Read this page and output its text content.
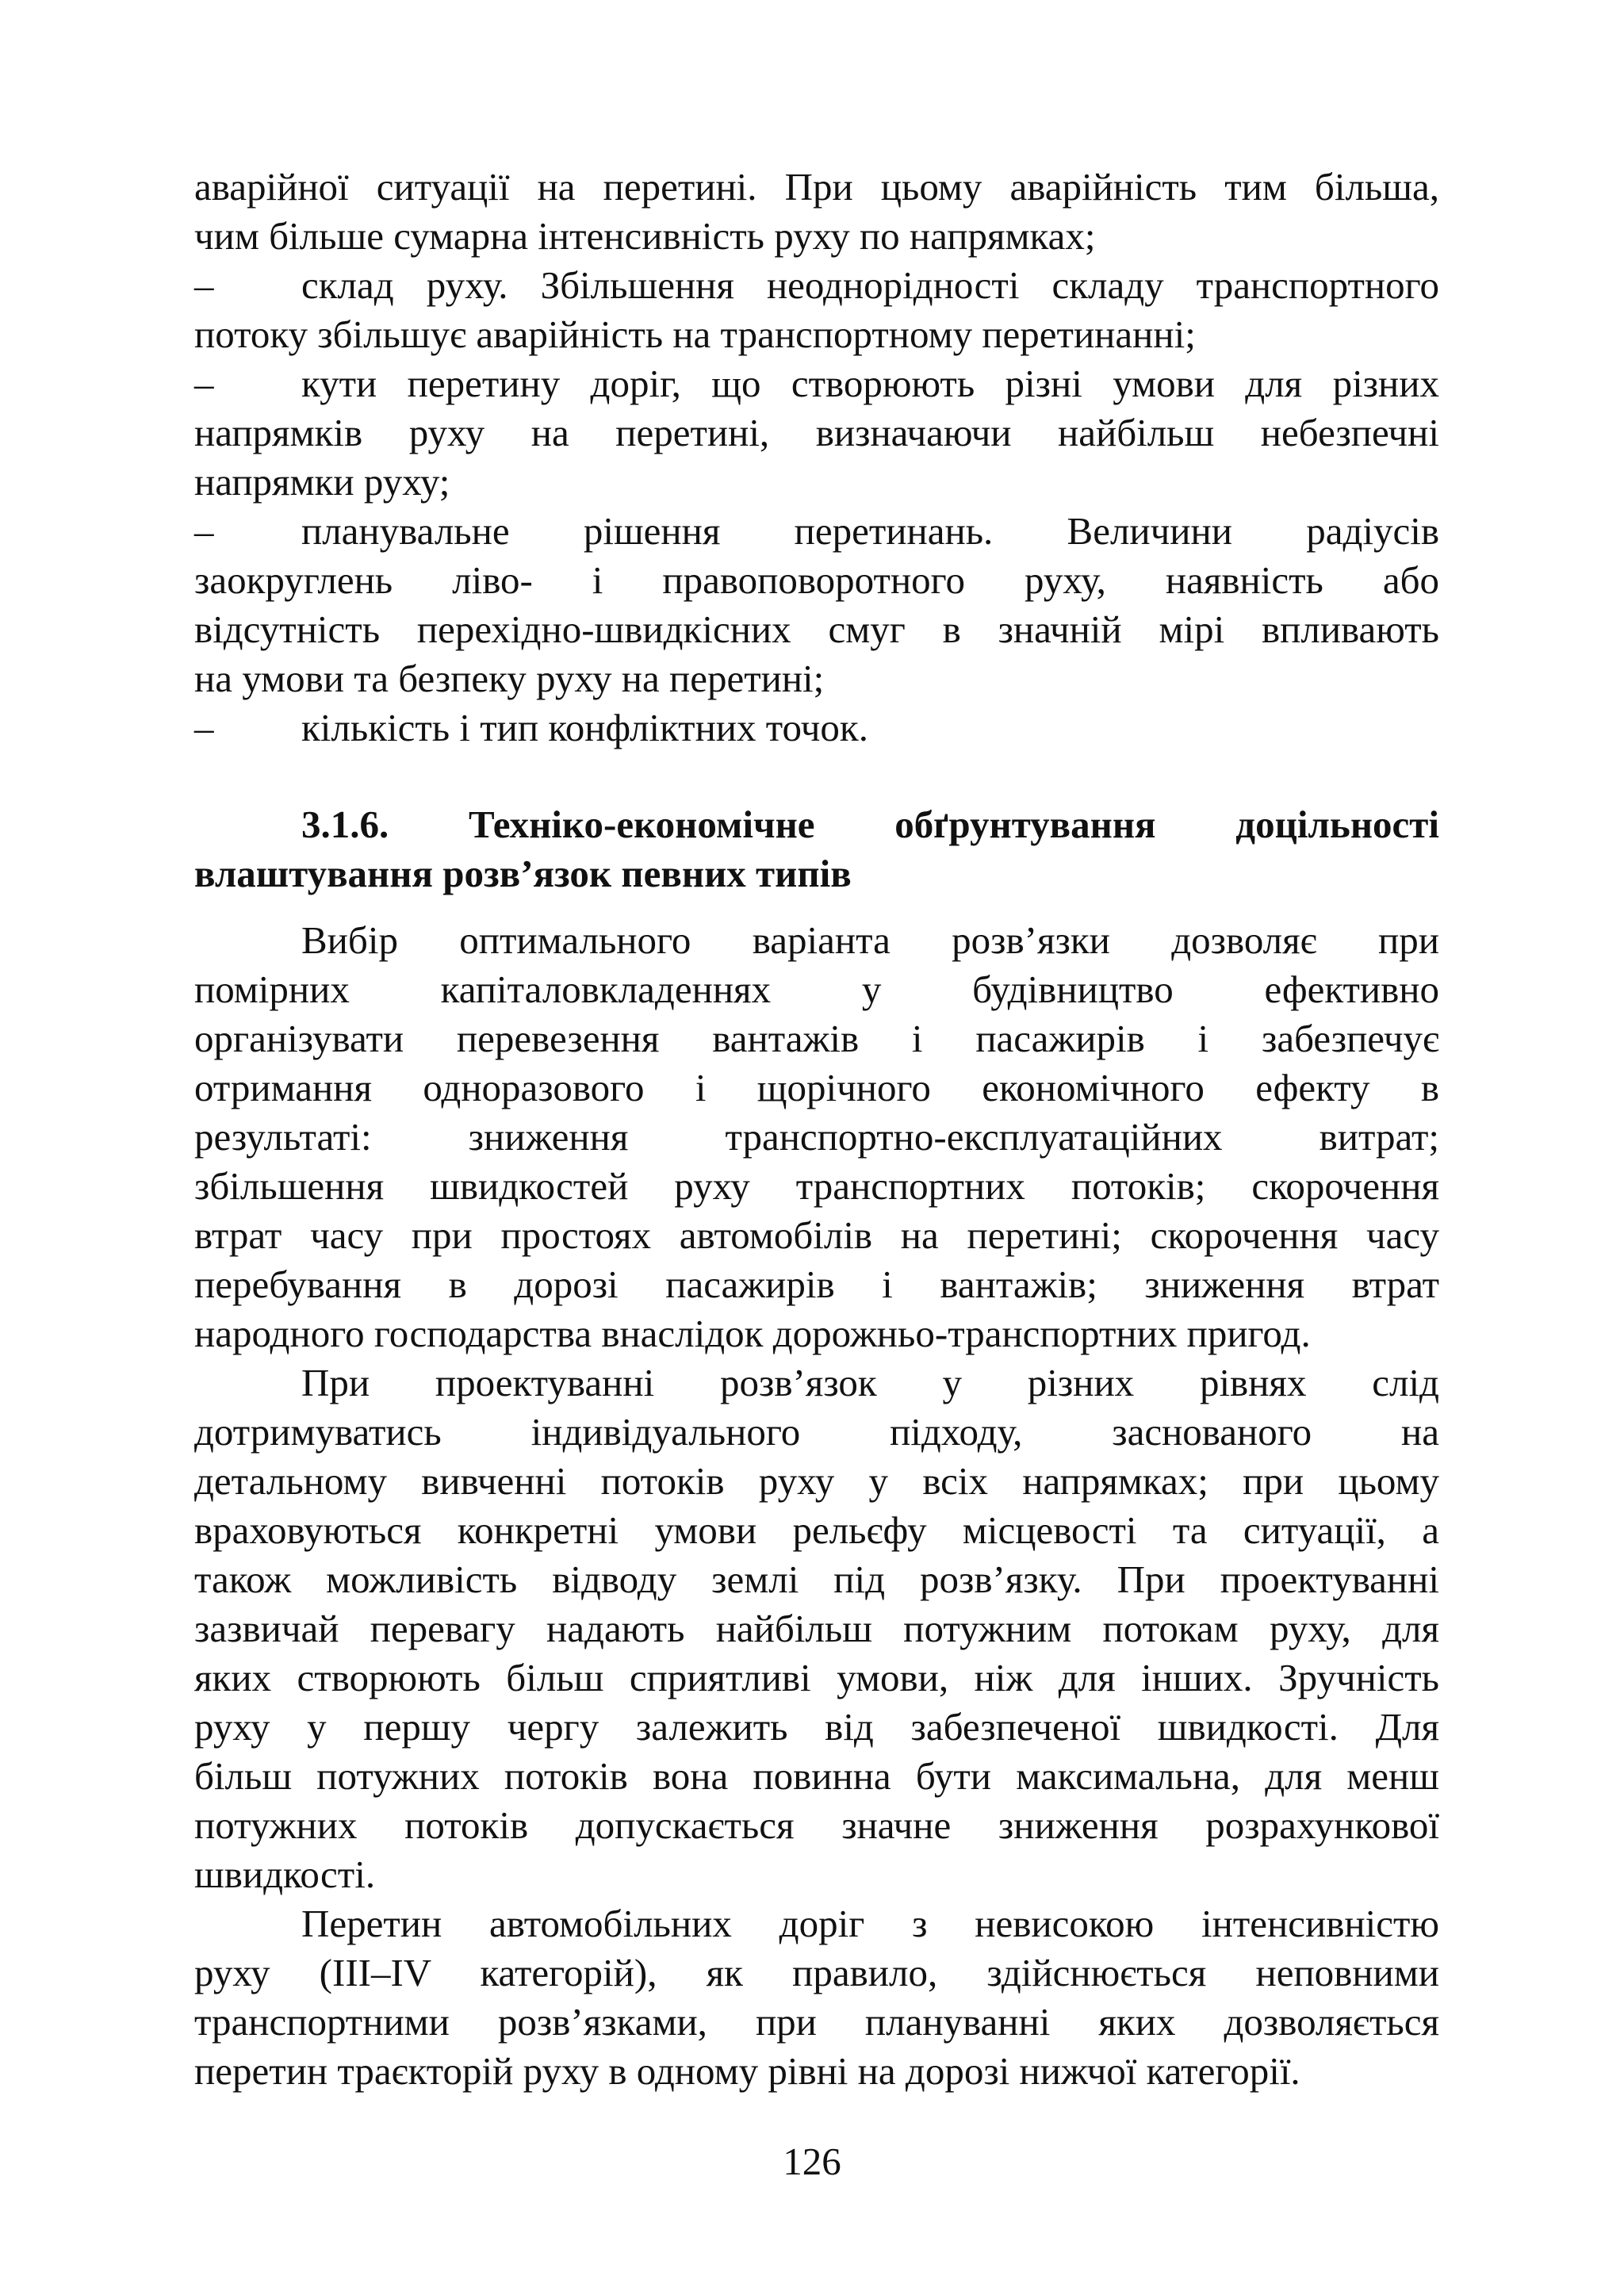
аварійної ситуації на перетині. При цьому аварійність тим більша,
чим більше сумарна інтенсивність руху по напрямках;
–	склад руху. Збільшення неоднорідності складу транспортного
потоку збільшує аварійність на транспортному перетинанні;
–	кути перетину доріг, що створюють різні умови для різних
напрямків руху на перетині, визначаючи найбільш небезпечні
напрямки руху;
–	планувальне рішення перетинань. Величини радіусів
заокруглень ліво- і правоповоротного руху, наявність або
відсутність перехідно-швидкісних смуг в значній мірі впливають
на умови та безпеку руху на перетині;
–	кількість і тип конфліктних точок.
3.1.6. Техніко-економічне обґрунтування доцільності
влаштування розв’язок певних типів
Вибір оптимального варіанта розв’язки дозволяє при
помірних капіталовкладеннях у будівництво ефективно
організувати перевезення вантажів і пасажирів і забезпечує
отримання одноразового і щорічного економічного ефекту в
результаті: зниження транспортно-експлуатаційних витрат;
збільшення швидкостей руху транспортних потоків; скорочення
втрат часу при простоях автомобілів на перетині; скорочення часу
перебування в дорозі пасажирів і вантажів; зниження втрат
народного господарства внаслідок дорожньо-транспортних пригод.
При проектуванні розв’язок у різних рівнях слід
дотримуватись індивідуального підходу, заснованого на
детальному вивченні потоків руху у всіх напрямках; при цьому
враховуються конкретні умови рельєфу місцевості та ситуації, а
також можливість відводу землі під розв’язку. При проектуванні
зазвичай перевагу надають найбільш потужним потокам руху, для
яких створюють більш сприятливі умови, ніж для інших. Зручність
руху у першу чергу залежить від забезпеченої швидкості. Для
більш потужних потоків вона повинна бути максимальна, для менш
потужних потоків допускається значне зниження розрахункової
швидкості.
Перетин автомобільних доріг з невисокою інтенсивністю
руху (III–IV категорій), як правило, здійснюється неповними
транспортними розв’язками, при плануванні яких дозволяється
перетин траєкторій руху в одному рівні на дорозі нижчої категорії.
126
